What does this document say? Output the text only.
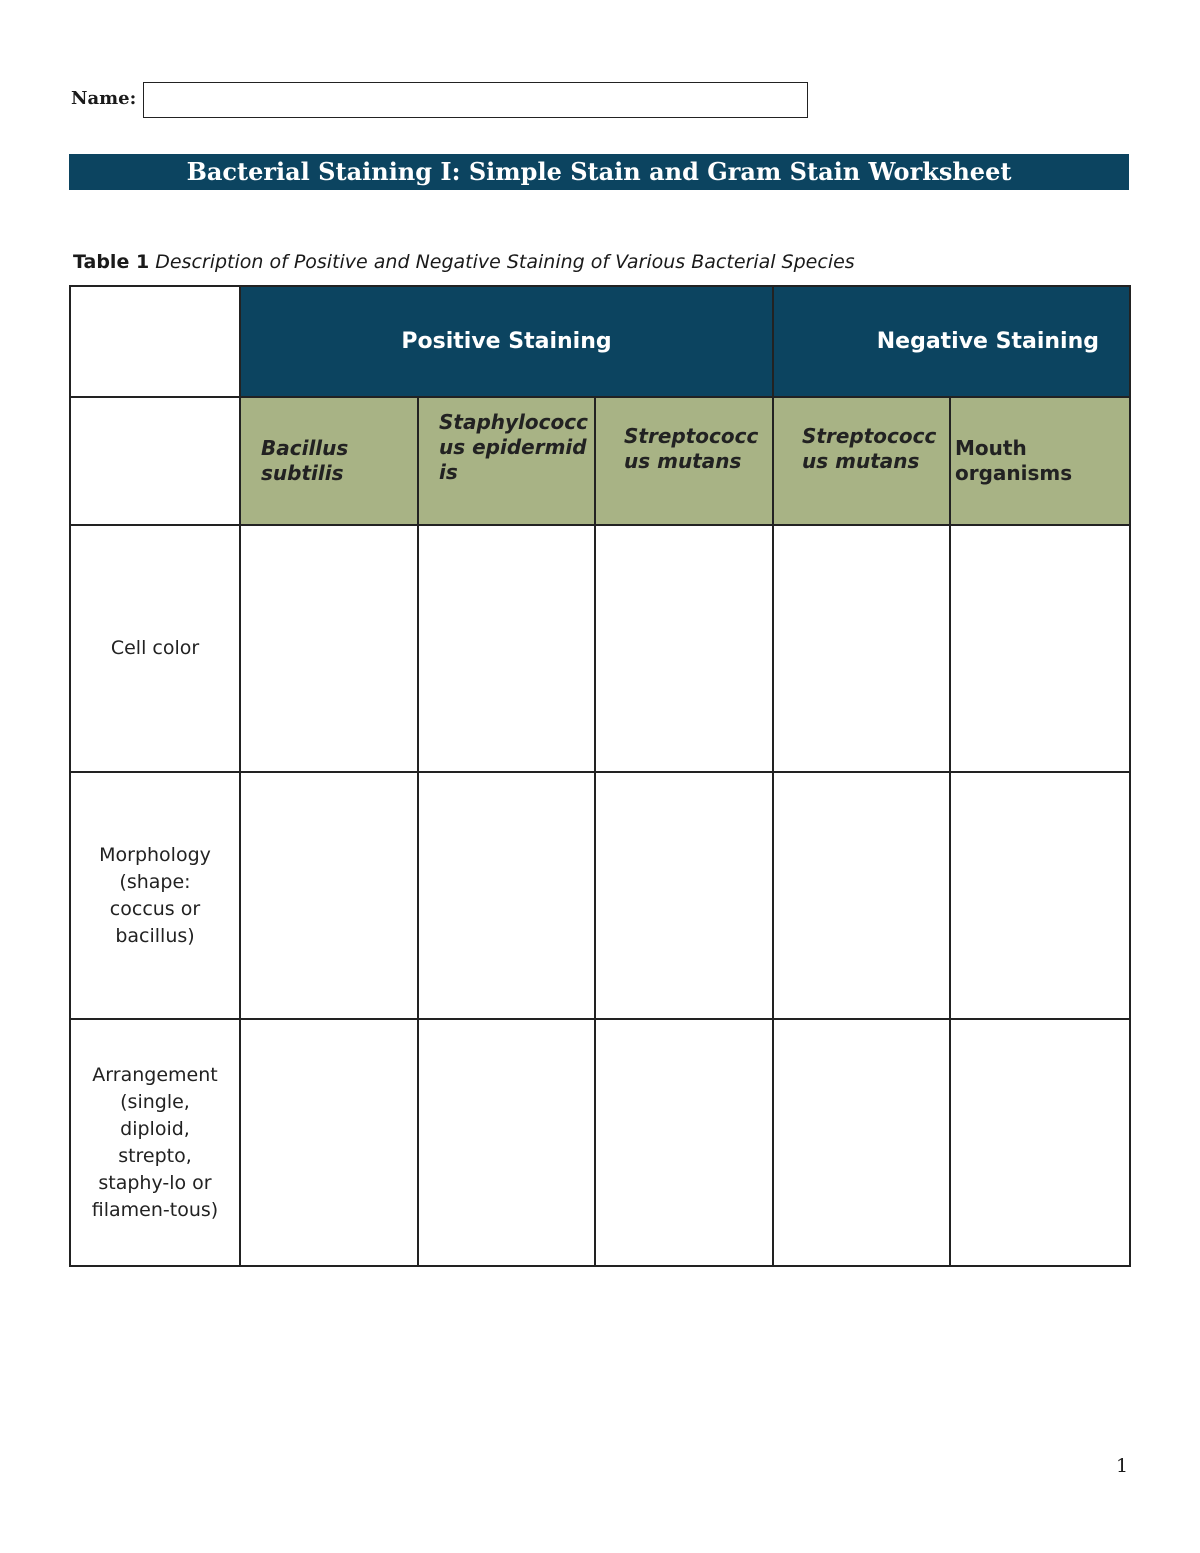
Name:
Bacterial Staining I: Simple Stain and Gram Stain Worksheet
Table 1 Description of Positive and Negative Staining of Various Bacterial Species
	Positive Staining			Negative Staining	

	Bacillus subtilis	Staphylococcus epidermidis	Streptococcus mutans	Streptococcus mutans	Mouth organisms

Cell color					

Morphology (shape: coccus or bacillus)					

Arrangement (single, diploid, strepto, staphy-lo or filamen-tous)					

1
